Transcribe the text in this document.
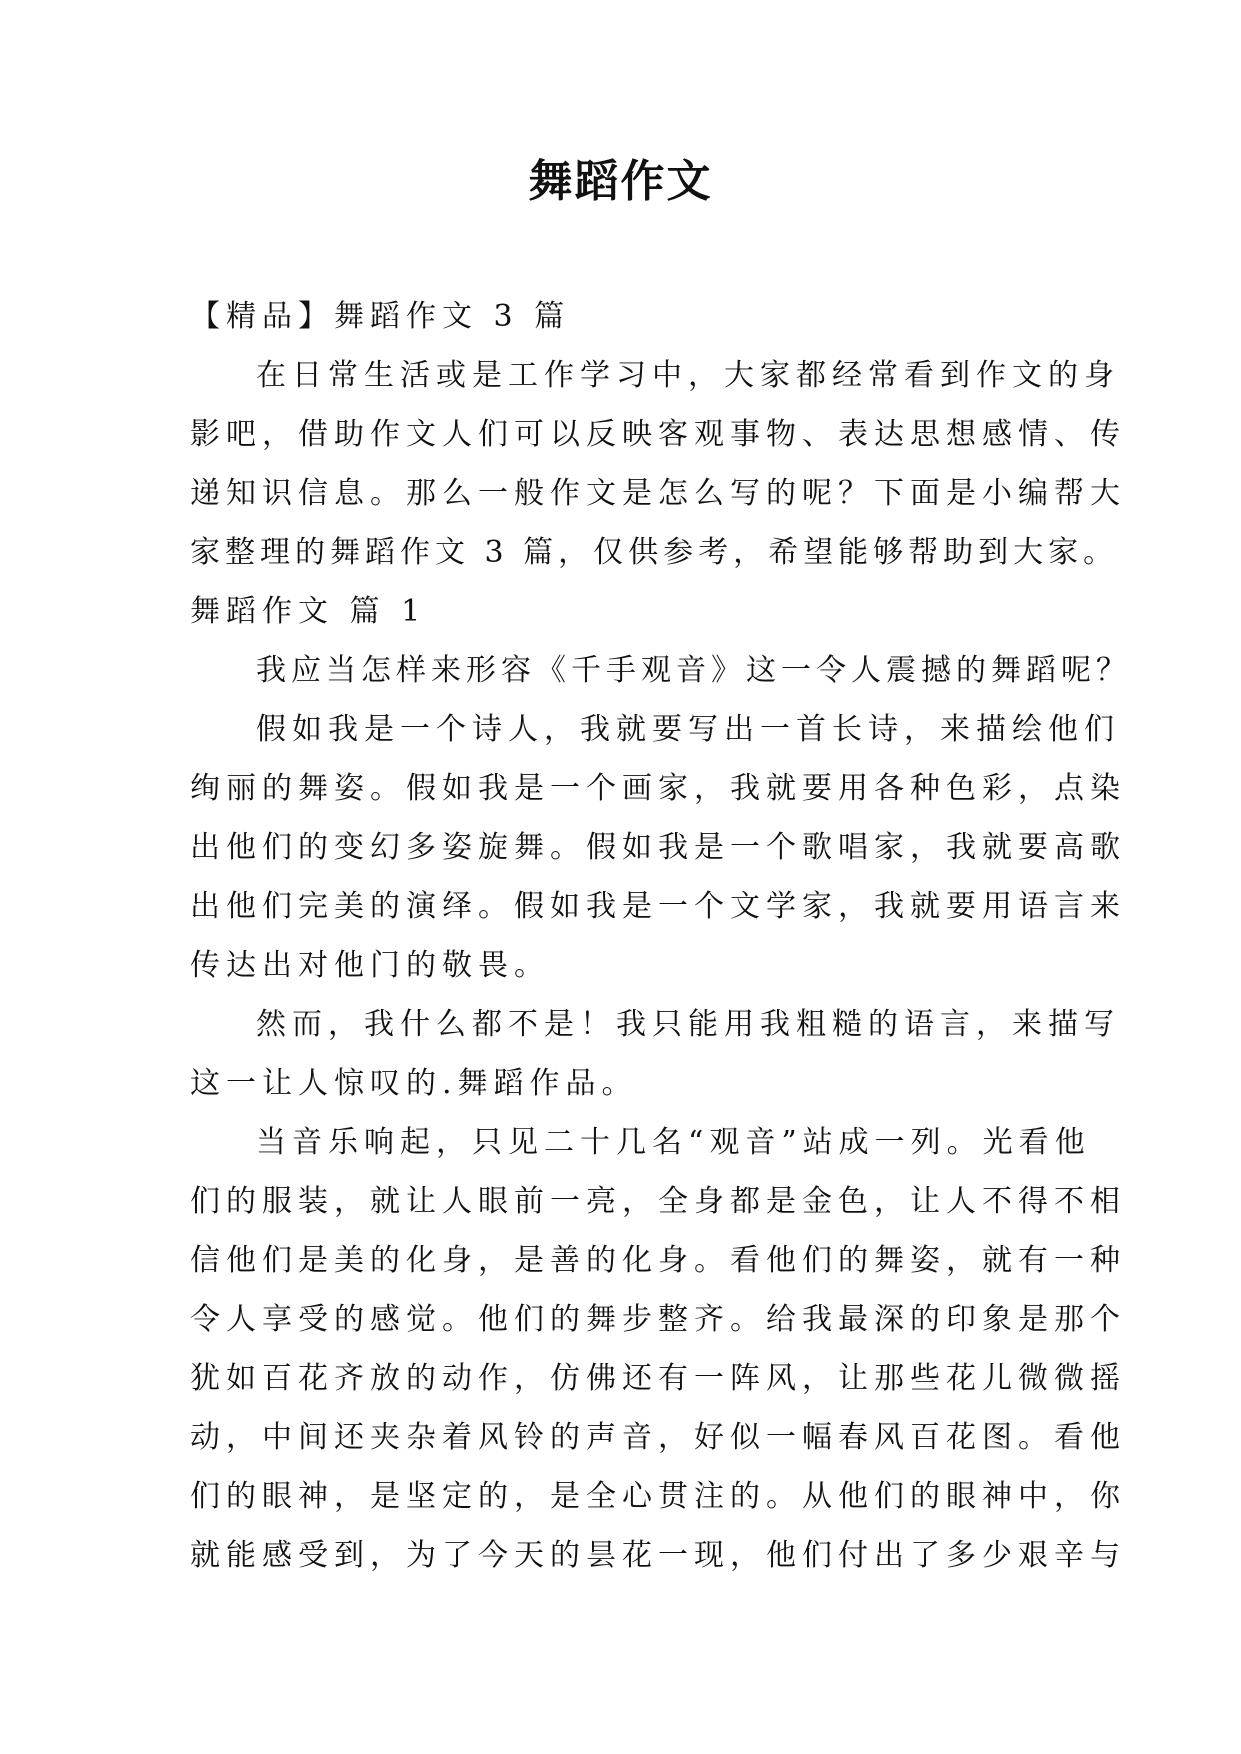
舞蹈作文
【精品】舞蹈作文 3 篇
在日常生活或是工作学习中，大家都经常看到作文的身
影吧，借助作文人们可以反映客观事物、表达思想感情、传
递知识信息。那么一般作文是怎么写的呢？下面是小编帮大
家整理的舞蹈作文 3 篇，仅供参考，希望能够帮助到大家。
舞蹈作文 篇 1
我应当怎样来形容《千手观音》这一令人震撼的舞蹈呢？
假如我是一个诗人，我就要写出一首长诗，来描绘他们
绚丽的舞姿。假如我是一个画家，我就要用各种色彩，点染
出他们的变幻多姿旋舞。假如我是一个歌唱家，我就要高歌
出他们完美的演绎。假如我是一个文学家，我就要用语言来
传达出对他门的敬畏。
然而，我什么都不是！我只能用我粗糙的语言，来描写
这一让人惊叹的.舞蹈作品。
当音乐响起，只见二十几名“观音”站成一列。光看他
们的服装，就让人眼前一亮，全身都是金色，让人不得不相
信他们是美的化身，是善的化身。看他们的舞姿，就有一种
令人享受的感觉。他们的舞步整齐。给我最深的印象是那个
犹如百花齐放的动作，仿佛还有一阵风，让那些花儿微微摇
动，中间还夹杂着风铃的声音，好似一幅春风百花图。看他
们的眼神，是坚定的，是全心贯注的。从他们的眼神中，你
就能感受到，为了今天的昙花一现，他们付出了多少艰辛与
